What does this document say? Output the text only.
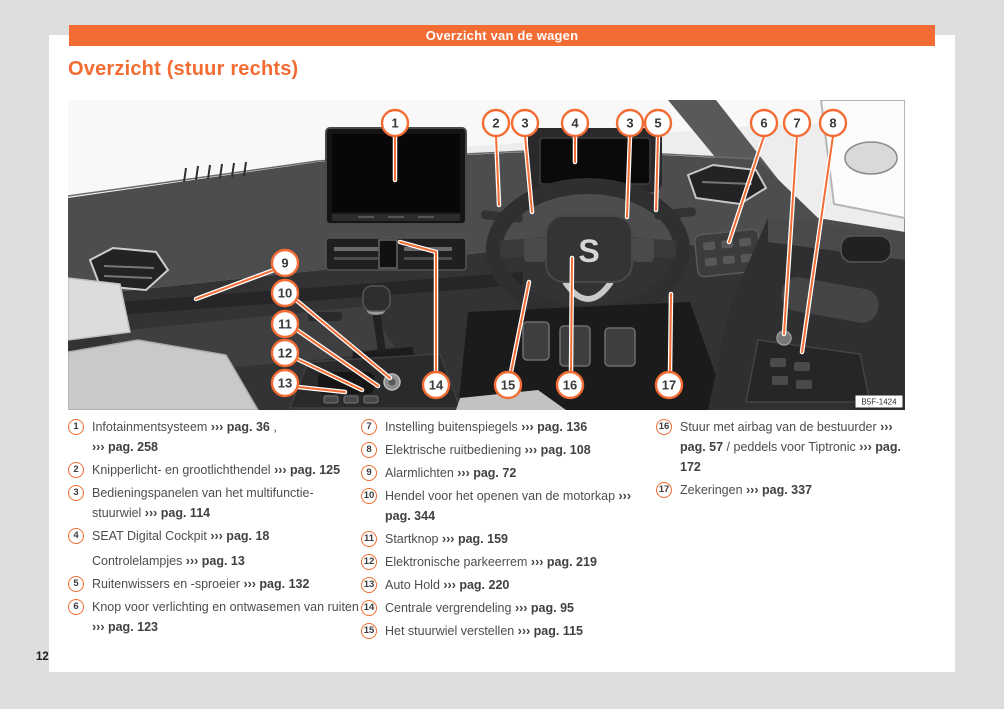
Overzicht van de wagen
Overzicht (stuur rechts)
S
B5F-1424
1	2 3	4	3 5	6 7 8
9
10
11
12
13	14	15	16	17
1	Infotainmentsysteem ››› pag. 36 ,
››› pag. 258

2	Knipperlicht- en grootlichthendel ››› pag. 125

3	Bedieningspanelen van het multifunctie-stuurwiel ››› pag. 114

4	SEAT Digital Cockpit ››› pag. 18

Controlelampjes ››› pag. 13

5	Ruitenwissers en -sproeier ››› pag. 132

6	Knop voor verlichting en ontwasemen van ruiten ››› pag. 123

7	Instelling buitenspiegels ››› pag. 136

8	Elektrische ruitbediening ››› pag. 108

9	Alarmlichten ››› pag. 72

10 Hendel voor het openen van de motorkap ››› pag. 344

11 Startknop ››› pag. 159

12 Elektronische parkeerrem ››› pag. 219

13 Auto Hold ››› pag. 220

14 Centrale vergrendeling ››› pag. 95

15 Het stuurwiel verstellen ››› pag. 115

16 Stuur met airbag van de bestuurder ››› pag. 57 / peddels voor Tiptronic ››› pag. 172

17 Zekeringen ››› pag. 337

12
